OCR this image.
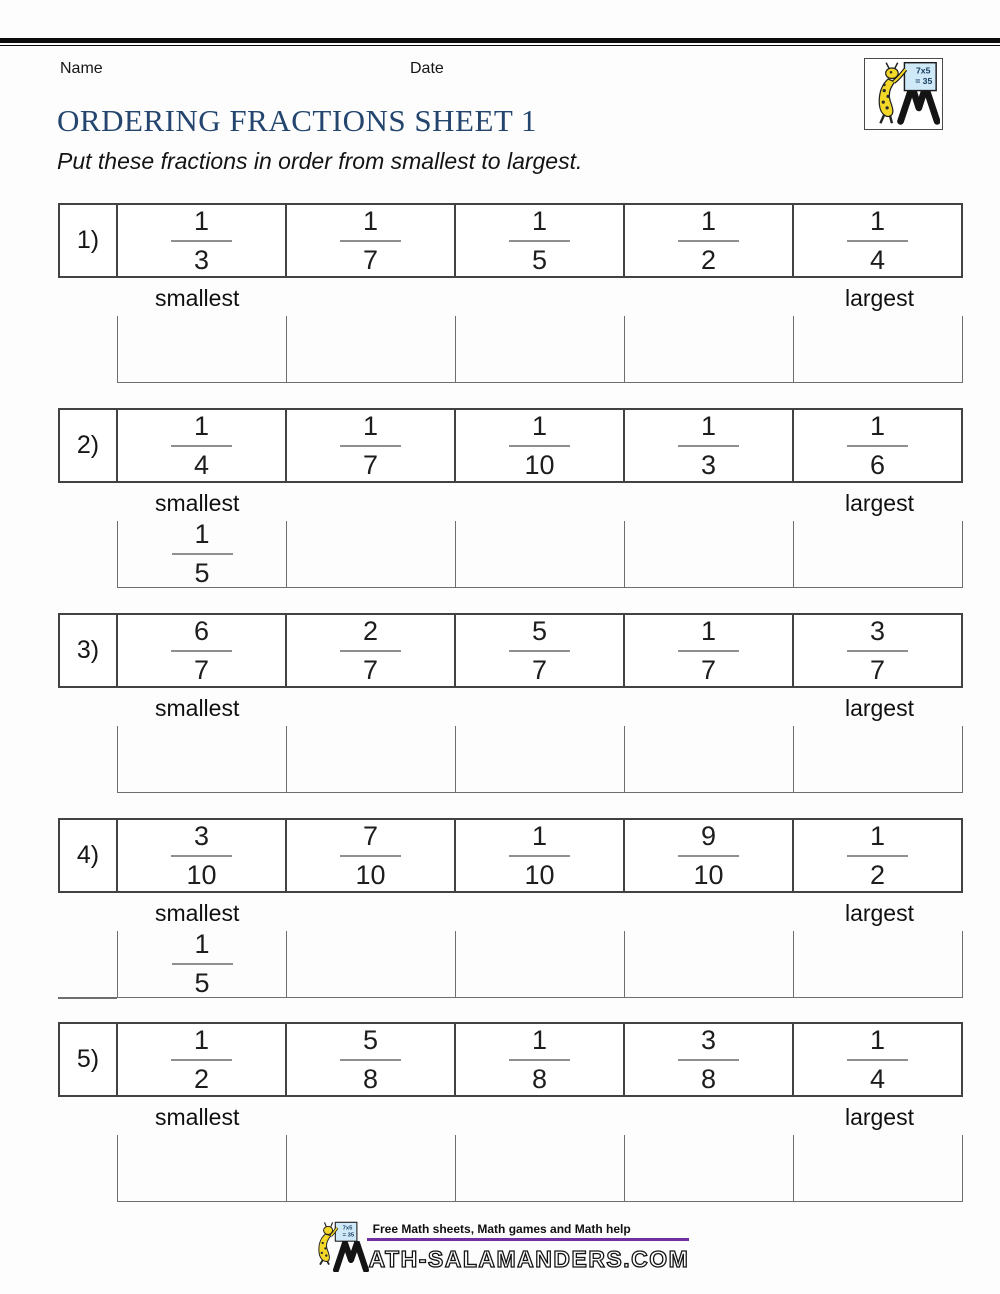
Name	Date	7x5
= 35
ORDERING FRACTIONS SHEET 1
Put these fractions in order from smallest to largest.
1)	$\frac{1}{3}$	$\frac{1}{7}$	$\frac{1}{5}$	$\frac{1}{2}$	$\frac{1}{4}$
smallest	largest
2)	$\frac{1}{4}$	$\frac{1}{7}$	$\frac{1}{10}$	$\frac{1}{3}$	$\frac{1}{6}$
smallest	largest
$\frac{1}{5}$
3)	$\frac{6}{7}$	$\frac{2}{7}$	$\frac{5}{7}$	$\frac{1}{7}$	$\frac{3}{7}$
smallest	largest
4)	$\frac{3}{10}$	$\frac{7}{10}$	$\frac{1}{10}$	$\frac{9}{10}$	$\frac{1}{2}$
smallest	largest
$\frac{1}{5}$
5)	$\frac{1}{2}$	$\frac{5}{8}$	$\frac{1}{8}$	$\frac{3}{8}$	$\frac{1}{4}$
smallest	largest
7x5
= 35	Free Math sheets, Math games and Math help
ATH-SALAMANDERS.COM
